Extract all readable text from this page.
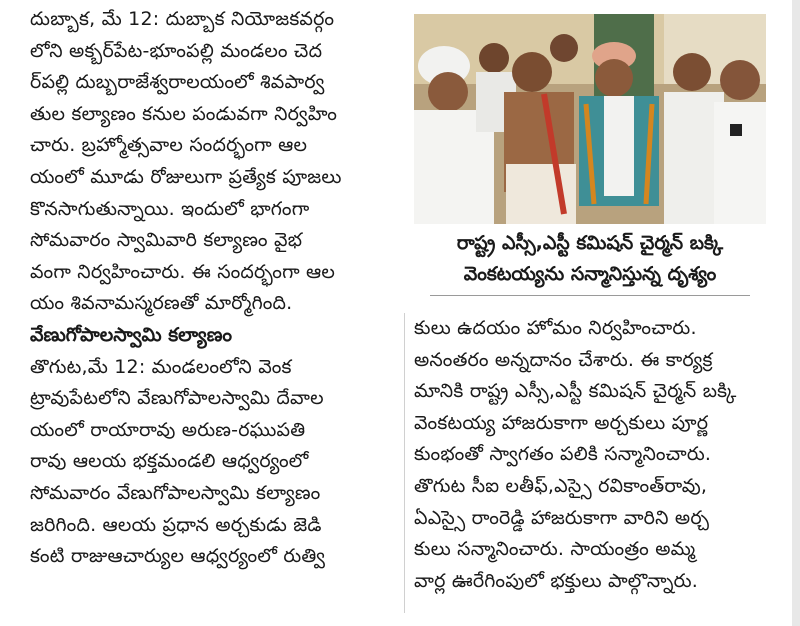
దుబ్బాక, మే 12: దుబ్బాక నియోజకవర్గం
లోని అక్బర్‌పేట-భూంపల్లి మండలం చెద
ర్‌పల్లి దుబ్బరాజేశ్వరాలయంలో శివపార్వ
తుల కల్యాణం కనుల పండువగా నిర్వహిం
చారు. బ్రహ్మోత్సవాల సందర్భంగా ఆల
యంలో మూడు రోజులుగా ప్రత్యేక పూజలు
కొనసాగుతున్నాయి. ఇందులో భాగంగా
సోమవారం స్వామివారి కల్యాణం వైభ
వంగా నిర్వహించారు. ఈ సందర్భంగా ఆల
యం శివనామస్మరణతో మార్మోగింది.
వేణుగోపాలస్వామి కల్యాణం
తొగుట,మే 12: మండలంలోని వెంక
ట్రావుపేటలోని వేణుగోపాలస్వామి దేవాల
యంలో రాయారావు అరుణ-రఘుపతి
రావు ఆలయ భక్తమండలి ఆధ్వర్యంలో
సోమవారం వేణుగోపాలస్వామి కల్యాణం
జరిగింది. ఆలయ ప్రధాన అర్చకుడు జెడి
కంటి రాజుఆచార్యుల ఆధ్వర్యంలో రుత్వి
రాష్ట్ర ఎస్సీ,ఎస్టీ కమిషన్ చైర్మన్ బక్కి
వెంకటయ్యను సన్మానిస్తున్న దృశ్యం
కులు ఉదయం హోమం నిర్వహించారు.
అనంతరం అన్నదానం చేశారు. ఈ కార్యక్ర
మానికి రాష్ట్ర ఎస్సీ,ఎస్టీ కమిషన్ చైర్మన్ బక్కి
వెంకటయ్య హాజరుకాగా అర్చకులు పూర్ణ
కుంభంతో స్వాగతం పలికి సన్మానించారు.
తొగుట సీఐ లతీఫ్,ఎస్సై రవికాంత్‌రావు,
ఏఎస్సై రాంరెడ్డి హాజరుకాగా వారిని అర్చ
కులు సన్మానించారు. సాయంత్రం అమ్మ
వార్ల ఊరేగింపులో భక్తులు పాల్గొన్నారు.
